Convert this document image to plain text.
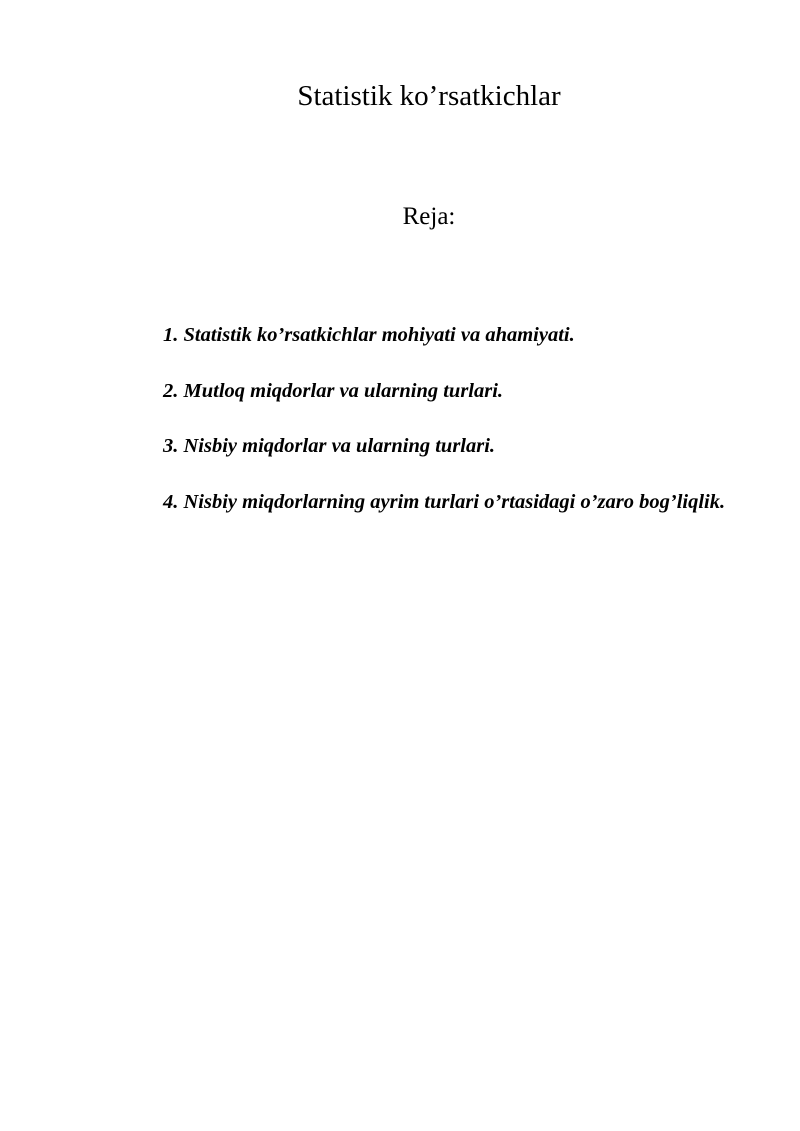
Statistik ko’rsatkichlar
Reja:
1. Statistik ko’rsatkichlar mohiyati va ahamiyati.
2. Mutloq miqdorlar va ularning turlari.
3. Nisbiy miqdorlar va ularning turlari.
4. Nisbiy miqdorlarning ayrim turlari o’rtasidagi o’zaro bog’liqlik.
